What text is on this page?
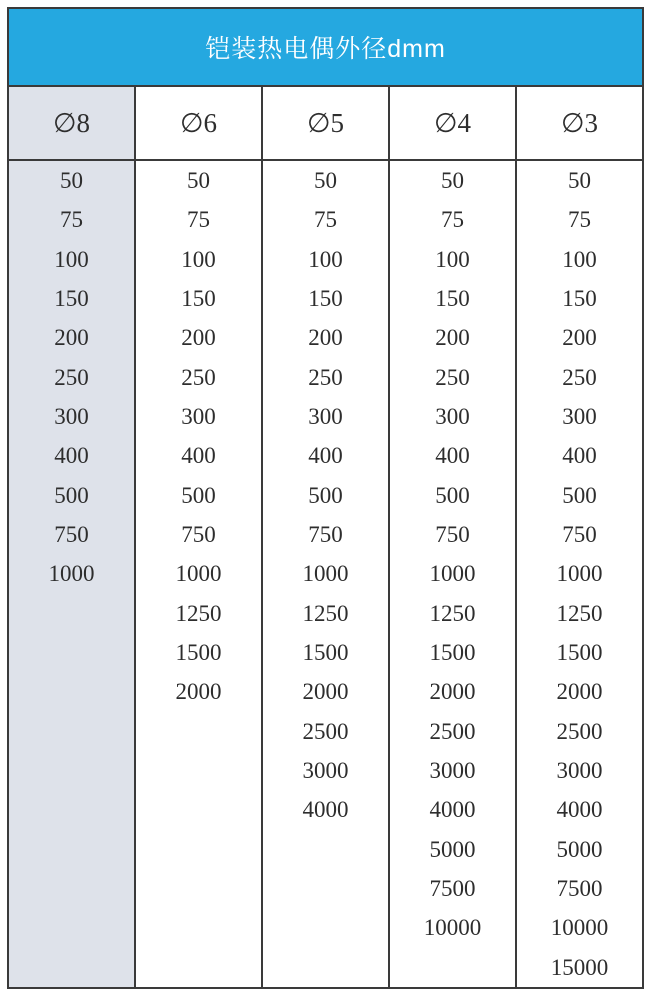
铠装热电偶外径dmm
∅8
50
75
100
150
200
250
300
400
500
750
1000
∅6
50
75
100
150
200
250
300
400
500
750
1000
1250
1500
2000
∅5
50
75
100
150
200
250
300
400
500
750
1000
1250
1500
2000
2500
3000
4000
∅4
50
75
100
150
200
250
300
400
500
750
1000
1250
1500
2000
2500
3000
4000
5000
7500
10000
∅3
50
75
100
150
200
250
300
400
500
750
1000
1250
1500
2000
2500
3000
4000
5000
7500
10000
15000
